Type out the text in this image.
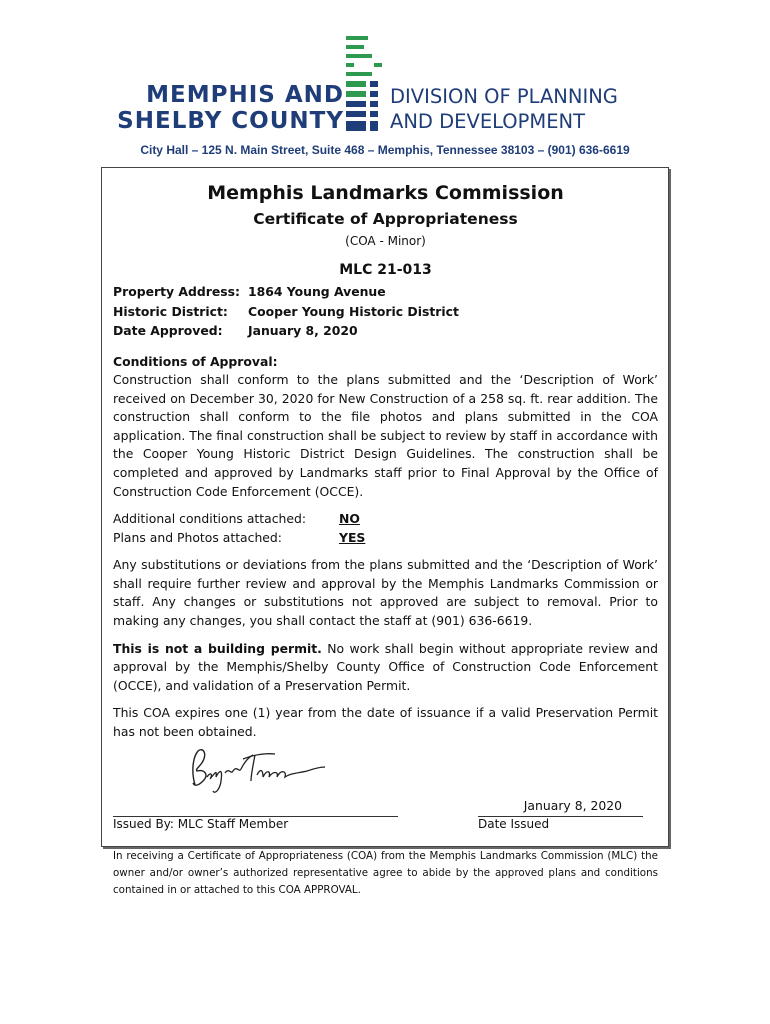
MEMPHIS AND
SHELBY COUNTY
DIVISION OF PLANNING
AND DEVELOPMENT
City Hall – 125 N. Main Street, Suite 468 – Memphis, Tennessee 38103 – (901) 636-6619
Memphis Landmarks Commission
Certificate of Appropriateness
(COA - Minor)
MLC 21-013
Property Address: 1864 Young Avenue
Historic District:	Cooper Young Historic District
Date Approved:	January 8, 2020
Conditions of Approval:

Construction shall conform to the plans submitted and the ‘Description of Work’ received on December 30, 2020 for New Construction of a 258 sq. ft. rear addition. The construction shall conform to the file photos and plans submitted in the COA application. The final construction shall be subject to review by staff in accordance with the Cooper Young Historic District Design Guidelines. The construction shall be completed and approved by Landmarks staff prior to Final Approval by the Office of Construction Code Enforcement (OCCE).

Additional conditions attached:	NO
Plans and Photos attached:	YES

Any substitutions or deviations from the plans submitted and the ‘Description of Work’ shall require further review and approval by the Memphis Landmarks Commission or staff. Any changes or substitutions not approved are subject to removal. Prior to making any changes, you shall contact the staff at (901) 636-6619.

This is not a building permit. No work shall begin without appropriate review and approval by the Memphis/Shelby County Office of Construction Code Enforcement (OCCE), and validation of a Preservation Permit.

This COA expires one (1) year from the date of issuance if a valid Preservation Permit has not been obtained.

Issued By: MLC Staff Member
January 8, 2020
Date Issued
In receiving a Certificate of Appropriateness (COA) from the Memphis Landmarks Commission (MLC) the owner and/or owner’s authorized representative agree to abide by the approved plans and conditions contained in or attached to this COA APPROVAL.
